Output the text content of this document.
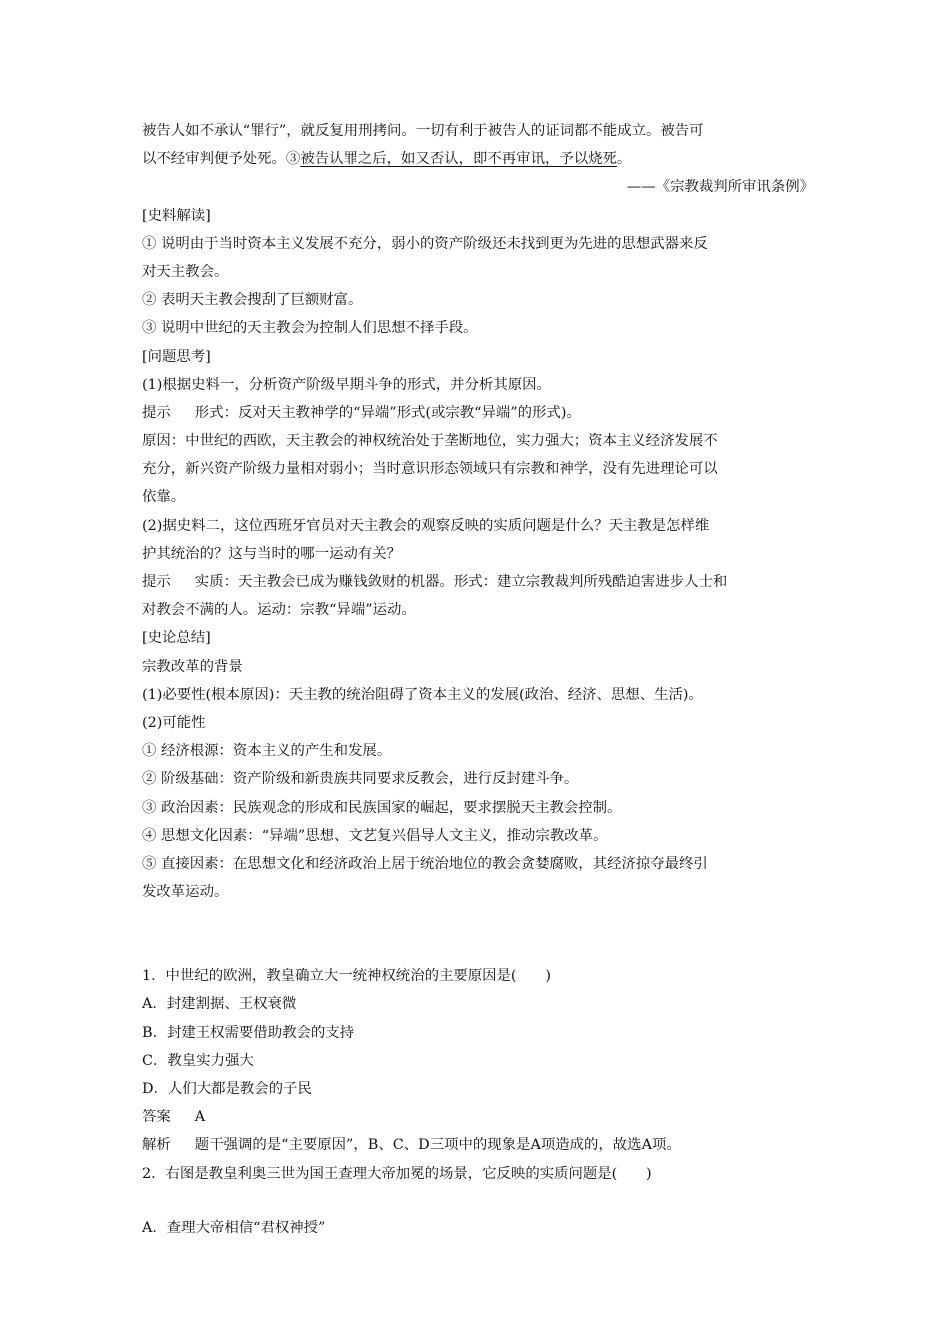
被告人如不承认“罪行”，就反复用刑拷问。一切有利于被告人的证词都不能成立。被告可
以不经审判便予处死。③被告认罪之后，如又否认，即不再审讯，予以烧死。
——《宗教裁判所审讯条例》
[史料解读]
① 说明由于当时资本主义发展不充分，弱小的资产阶级还未找到更为先进的思想武器来反
对天主教会。
② 表明天主教会搜刮了巨额财富。
③ 说明中世纪的天主教会为控制人们思想不择手段。
[问题思考]
(1)根据史料一，分析资产阶级早期斗争的形式，并分析其原因。
提示 形式：反对天主教神学的“异端”形式(或宗教“异端”的形式)。
原因：中世纪的西欧，天主教会的神权统治处于垄断地位，实力强大；资本主义经济发展不
充分，新兴资产阶级力量相对弱小；当时意识形态领域只有宗教和神学，没有先进理论可以
依靠。
(2)据史料二，这位西班牙官员对天主教会的观察反映的实质问题是什么？天主教是怎样维
护其统治的？这与当时的哪一运动有关？
提示 实质：天主教会已成为赚钱敛财的机器。形式：建立宗教裁判所残酷迫害进步人士和
对教会不满的人。运动：宗教“异端”运动。
[史论总结]
宗教改革的背景
(1)必要性(根本原因)：天主教的统治阻碍了资本主义的发展(政治、经济、思想、生活)。
(2)可能性
① 经济根源：资本主义的产生和发展。
② 阶级基础：资产阶级和新贵族共同要求反教会，进行反封建斗争。
③ 政治因素：民族观念的形成和民族国家的崛起，要求摆脱天主教会控制。
④ 思想文化因素：“异端”思想、文艺复兴倡导人文主义，推动宗教改革。
⑤ 直接因素：在思想文化和经济政治上居于统治地位的教会贪婪腐败，其经济掠夺最终引
发改革运动。
1．中世纪的欧洲，教皇确立大一统神权统治的主要原因是(　　)
A．封建割据、王权衰微
B．封建王权需要借助教会的支持
C．教皇实力强大
D．人们大都是教会的子民
答案 A
解析 题干强调的是“主要原因”，B、C、D三项中的现象是A项造成的，故选A项。
2．右图是教皇利奥三世为国王查理大帝加冕的场景，它反映的实质问题是(　　)
A．查理大帝相信“君权神授”
